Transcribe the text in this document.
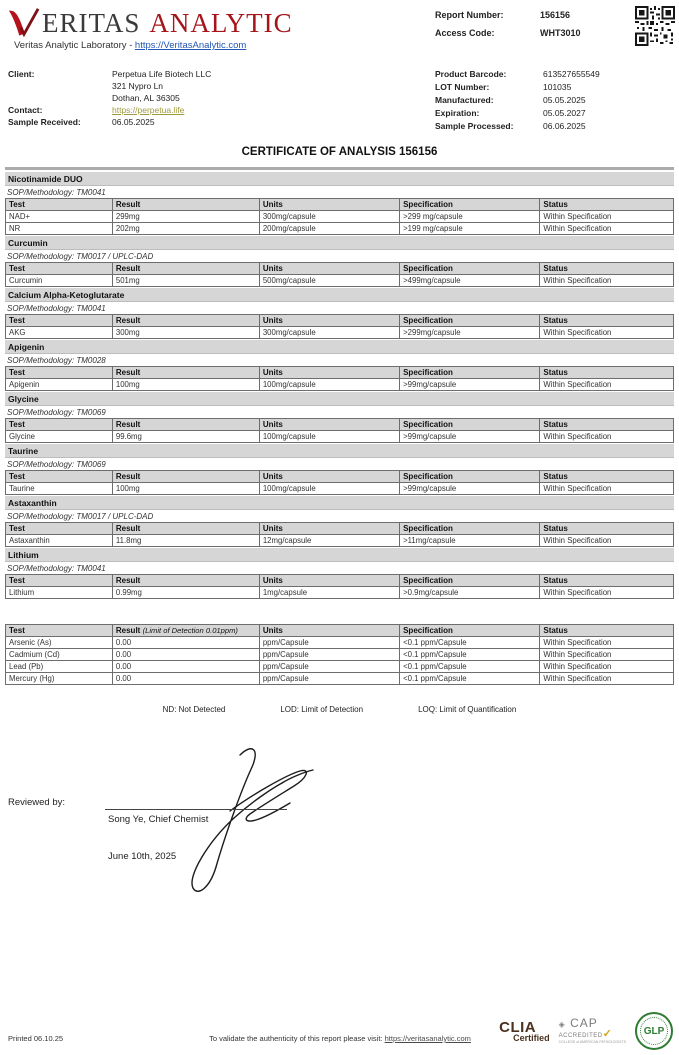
ERITAS ANALYTIC
Veritas Analytic Laboratory - https://VeritasAnalytic.com
Report Number:	156156
Access Code:	WHT3010
Client:	Perpetua Life Biotech LLC
321 Nypro Ln
Dothan, AL 36305
Contact:	https://perpetua.life
Sample Received:	06.05.2025
Product Barcode:	613527655549
LOT Number:	101035
Manufactured:	05.05.2025
Expiration:	05.05.2027
Sample Processed:	06.06.2025
CERTIFICATE OF ANALYSIS 156156
Nicotinamide DUO
SOP/Methodology: TM0041
Test	Result	Units	Specification	Status
NAD+	299mg	300mg/capsule	>299 mg/capsule	Within Specification
NR	202mg	200mg/capsule	>199 mg/capsule	Within Specification
Curcumin
SOP/Methodology: TM0017 / UPLC-DAD
Test	Result	Units	Specification	Status
Curcumin	501mg	500mg/capsule	>499mg/capsule	Within Specification
Calcium Alpha-Ketoglutarate
SOP/Methodology: TM0041
Test	Result	Units	Specification	Status
AKG	300mg	300mg/capsule	>299mg/capsule	Within Specification
Apigenin
SOP/Methodology: TM0028
Test	Result	Units	Specification	Status
Apigenin	100mg	100mg/capsule	>99mg/capsule	Within Specification
Glycine
SOP/Methodology: TM0069
Test	Result	Units	Specification	Status
Glycine	99.6mg	100mg/capsule	>99mg/capsule	Within Specification
Taurine
SOP/Methodology: TM0069
Test	Result	Units	Specification	Status
Taurine	100mg	100mg/capsule	>99mg/capsule	Within Specification
Astaxanthin
SOP/Methodology: TM0017 / UPLC-DAD
Test	Result	Units	Specification	Status
Astaxanthin	11.8mg	12mg/capsule	>11mg/capsule	Within Specification
Lithium
SOP/Methodology: TM0041
Test	Result	Units	Specification	Status
Lithium	0.99mg	1mg/capsule	>0.9mg/capsule	Within Specification
Test	Result (Limit of Detection 0.01ppm)	Units	Specification	Status
Arsenic (As)	0.00	ppm/Capsule	<0.1 ppm/Capsule	Within Specification
Cadmium (Cd)	0.00	ppm/Capsule	<0.1 ppm/Capsule	Within Specification
Lead (Pb)	0.00	ppm/Capsule	<0.1 ppm/Capsule	Within Specification
Mercury (Hg)	0.00	ppm/Capsule	<0.1 ppm/Capsule	Within Specification
ND: Not Detected	LOD: Limit of Detection	LOQ: Limit of Quantification
Reviewed by:
Song Ye, Chief Chemist
June 10th, 2025
Printed 06.10.25	To validate the authenticity of this report please visit: https://veritasanalytic.com
CLIA
Certified
◈ CAP
ACCREDITED✓
COLLEGE of AMERICAN PATHOLOGISTS
GLP
